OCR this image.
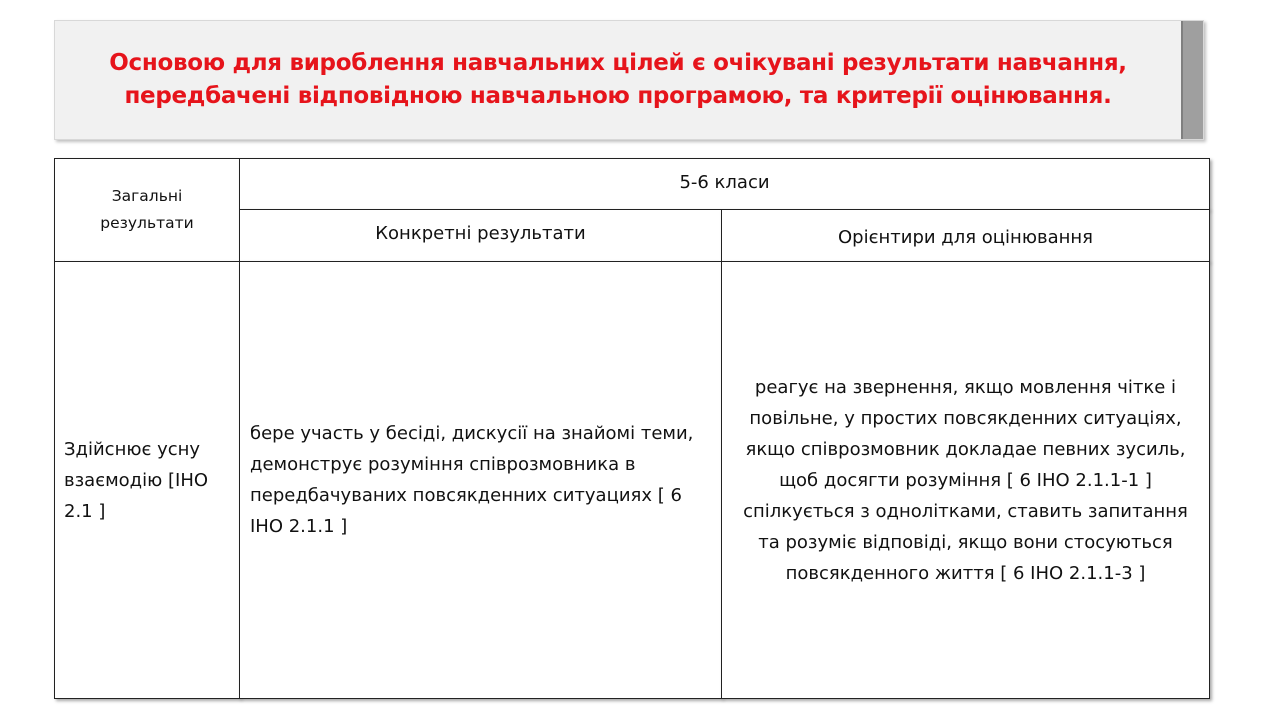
Основою для вироблення навчальних цілей є очікувані результати навчання, передбачені відповідною навчальною програмою, та критерії оцінювання.
Загальні результати
5-6 класи
Конкретні результати	Орієнтири для оцінювання
Здійснює усну взаємодію [ІНО 2.1 ]
бере участь у бесіді, дискусії на знайомі теми, демонструє розуміння співрозмовника в передбачуваних повсякденних ситуациях [ 6 ІНО 2.1.1 ]
реагує на звернення, якщо мовлення чітке і повільне, у простих повсякденних ситуаціях, якщо співрозмовник докладае певних зусиль, щоб досягти розуміння [ 6 ІНО 2.1.1-1 ] спілкується з однолітками, ставить запитання та розуміє відповіді, якщо вони стосуються повсякденного життя [ 6 ІНО 2.1.1-3 ]
